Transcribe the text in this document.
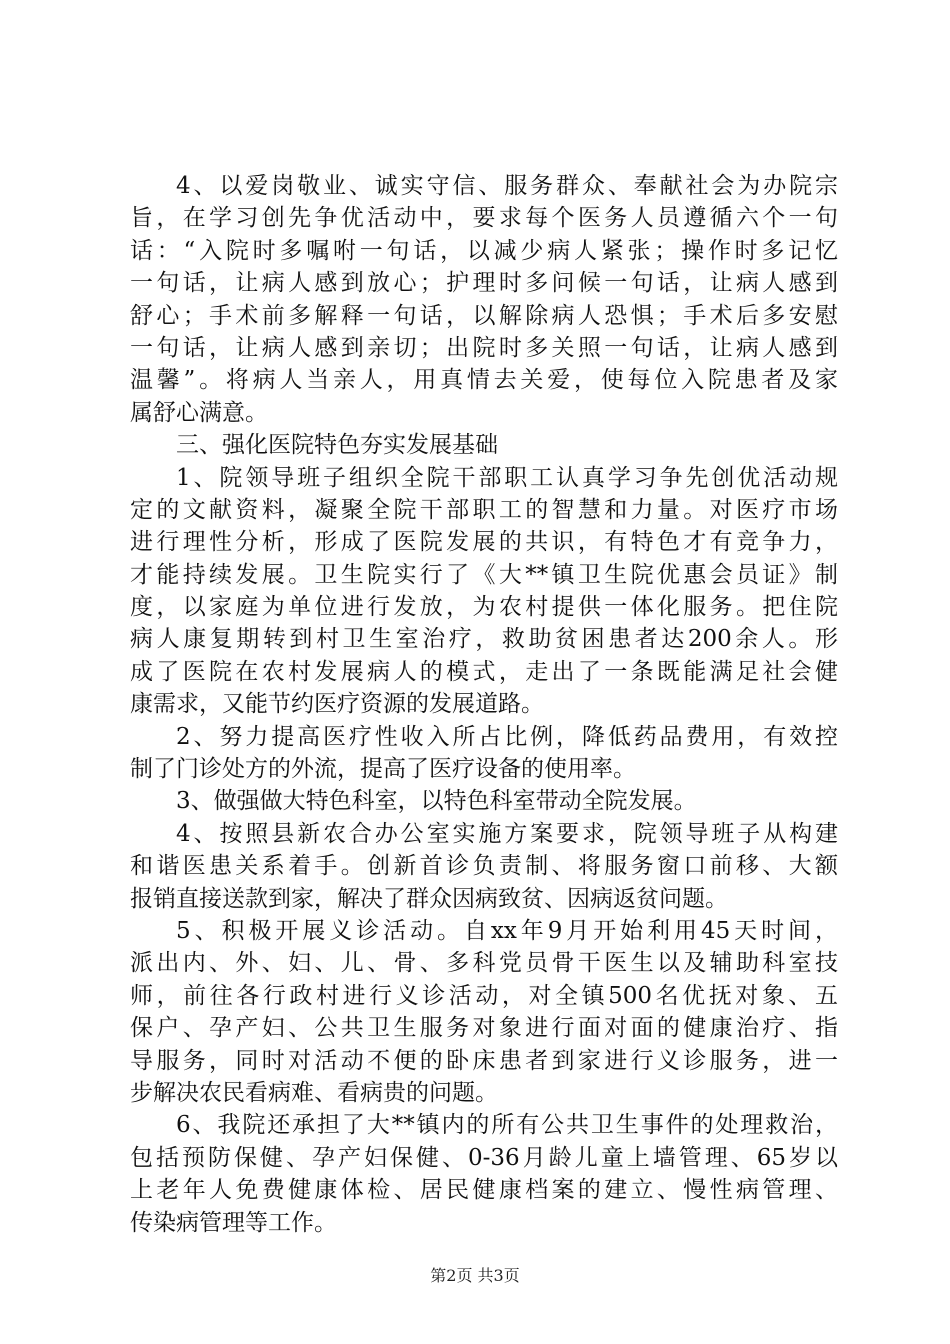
4、以爱岗敬业、诚实守信、服务群众、奉献社会为办院宗
旨，在学习创先争优活动中，要求每个医务人员遵循六个一句
话：“入院时多嘱咐一句话，以减少病人紧张；操作时多记忆
一句话，让病人感到放心；护理时多问候一句话，让病人感到
舒心；手术前多解释一句话，以解除病人恐惧；手术后多安慰
一句话，让病人感到亲切；出院时多关照一句话，让病人感到
温馨”。将病人当亲人，用真情去关爱，使每位入院患者及家
属舒心满意。
三、强化医院特色夯实发展基础
1、院领导班子组织全院干部职工认真学习争先创优活动规
定的文献资料，凝聚全院干部职工的智慧和力量。对医疗市场
进行理性分析，形成了医院发展的共识，有特色才有竞争力，
才能持续发展。卫生院实行了《大**镇卫生院优惠会员证》制
度，以家庭为单位进行发放，为农村提供一体化服务。把住院
病人康复期转到村卫生室治疗，救助贫困患者达200余人。形
成了医院在农村发展病人的模式，走出了一条既能满足社会健
康需求，又能节约医疗资源的发展道路。
2、努力提高医疗性收入所占比例，降低药品费用，有效控
制了门诊处方的外流，提高了医疗设备的使用率。
3、做强做大特色科室，以特色科室带动全院发展。
4、按照县新农合办公室实施方案要求，院领导班子从构建
和谐医患关系着手。创新首诊负责制、将服务窗口前移、大额
报销直接送款到家，解决了群众因病致贫、因病返贫问题。
5、积极开展义诊活动。自xx年9月开始利用45天时间，
派出内、外、妇、儿、骨、多科党员骨干医生以及辅助科室技
师，前往各行政村进行义诊活动，对全镇500名优抚对象、五
保户、孕产妇、公共卫生服务对象进行面对面的健康治疗、指
导服务，同时对活动不便的卧床患者到家进行义诊服务，进一
步解决农民看病难、看病贵的问题。
6、我院还承担了大**镇内的所有公共卫生事件的处理救治，
包括预防保健、孕产妇保健、0-36月龄儿童上墙管理、65岁以
上老年人免费健康体检、居民健康档案的建立、慢性病管理、
传染病管理等工作。
第2页 共3页
